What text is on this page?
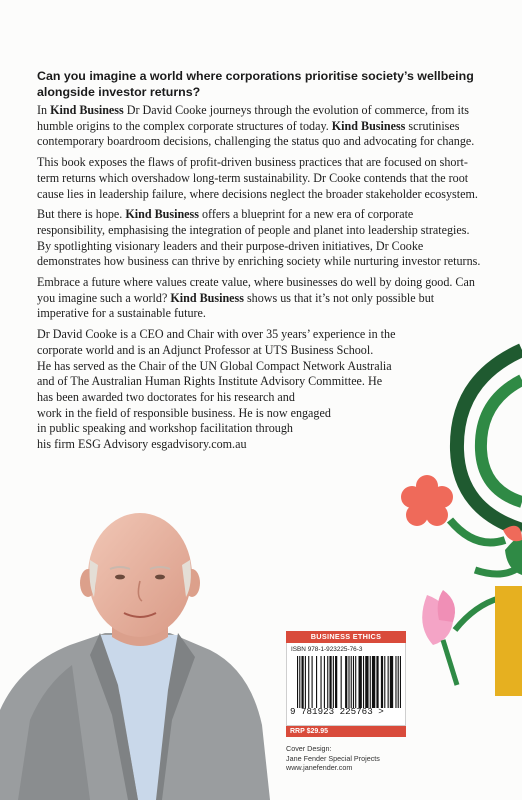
Can you imagine a world where corporations prioritise society’s wellbeing alongside investor returns?

In Kind Business Dr David Cooke journeys through the evolution of commerce, from its humble origins to the complex corporate structures of today. Kind Business scrutinises contemporary boardroom decisions, challenging the status quo and advocating for change.

This book exposes the flaws of profit-driven business practices that are focused on short-term returns which overshadow long-term sustainability. Dr Cooke contends that the root cause lies in leadership failure, where decisions neglect the broader stakeholder ecosystem.

But there is hope. Kind Business offers a blueprint for a new era of corporate responsibility, emphasising the integration of people and planet into leadership strategies. By spotlighting visionary leaders and their purpose-driven initiatives, Dr Cooke demonstrates how business can thrive by enriching society while nurturing investor returns.

Embrace a future where values create value, where businesses do well by doing good. Can you imagine such a world? Kind Business shows us that it’s not only possible but imperative for a sustainable future.

Dr David Cooke is a CEO and Chair with over 35 years’ experience in the
corporate world and is an Adjunct Professor at UTS Business School.
He has served as the Chair of the UN Global Compact Network Australia
and of The Australian Human Rights Institute Advisory Committee. He
has been awarded two doctorates for his research and
work in the field of responsible business. He is now engaged
in public speaking and workshop facilitation through
his firm ESG Advisory esgadvisory.com.au
BUSINESS ETHICS
ISBN 978-1-923225-76-3
9 781923 225763 >
RRP $29.95
Cover Design:
Jane Fender Special Projects
www.janefender.com
